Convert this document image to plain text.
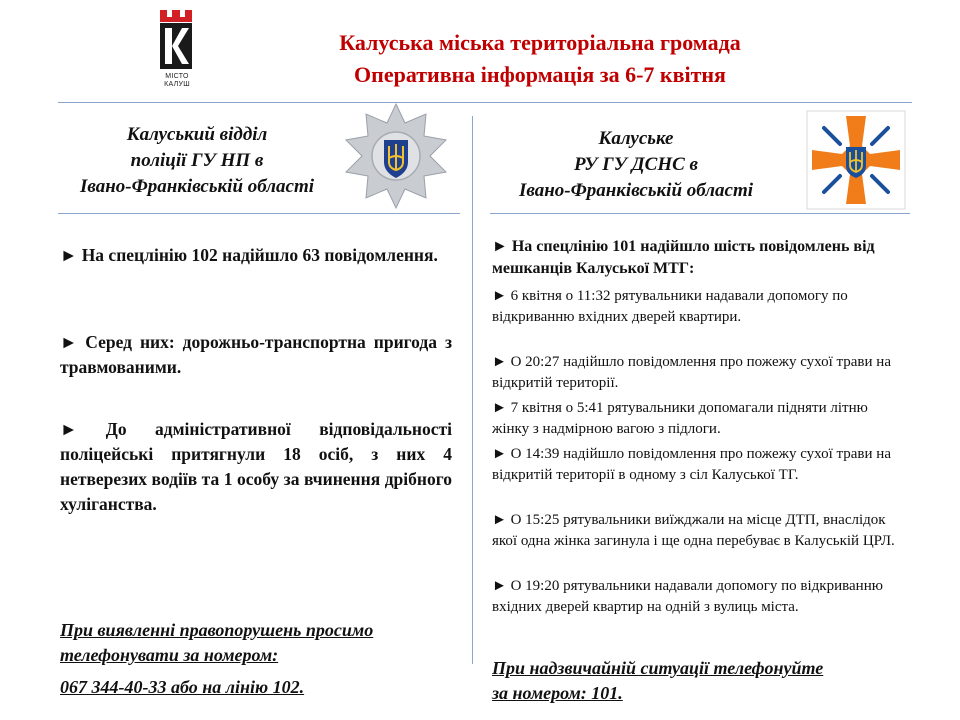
МІСТО
КАЛУШ
Калуська міська територіальна громада
Оперативна інформація за 6-7 квітня
Калуський відділ
поліції ГУ НП в
Івано-Франківській області
► На спецлінію 102 надійшло 63 повідомлення.
► Серед них: дорожньо-транспортна пригода з травмованими.
► До адміністративної відповідальності поліцейські притягнули 18 осіб, з них 4 нетверезих водіїв та 1 особу за вчинення дрібного хуліганства.
При виявленні правопорушень просимо
телефонувати за номером:
067 344-40-33 або на лінію 102.
Калуське
РУ ГУ ДСНС в
Івано-Франківській області
► На спецлінію 101 надійшло шість повідомлень від мешканців Калуської МТГ:
► 6 квітня о 11:32 рятувальники надавали допомогу по відкриванню вхідних дверей квартири.
► О 20:27 надійшло повідомлення про пожежу сухої трави на відкритій території.
► 7 квітня о 5:41 рятувальники допомагали підняти літню жінку з надмірною вагою з підлоги.
► О 14:39 надійшло повідомлення про пожежу сухої трави на відкритій території в одному з сіл Калуської ТГ.
► О 15:25 рятувальники виїжджали на місце ДТП, внаслідок якої одна жінка загинула і ще одна перебуває в Калуській ЦРЛ.
► О 19:20 рятувальники надавали допомогу по відкриванню вхідних дверей квартир на одній з вулиць міста.
При надзвичайній ситуації телефонуйте
за номером: 101.
